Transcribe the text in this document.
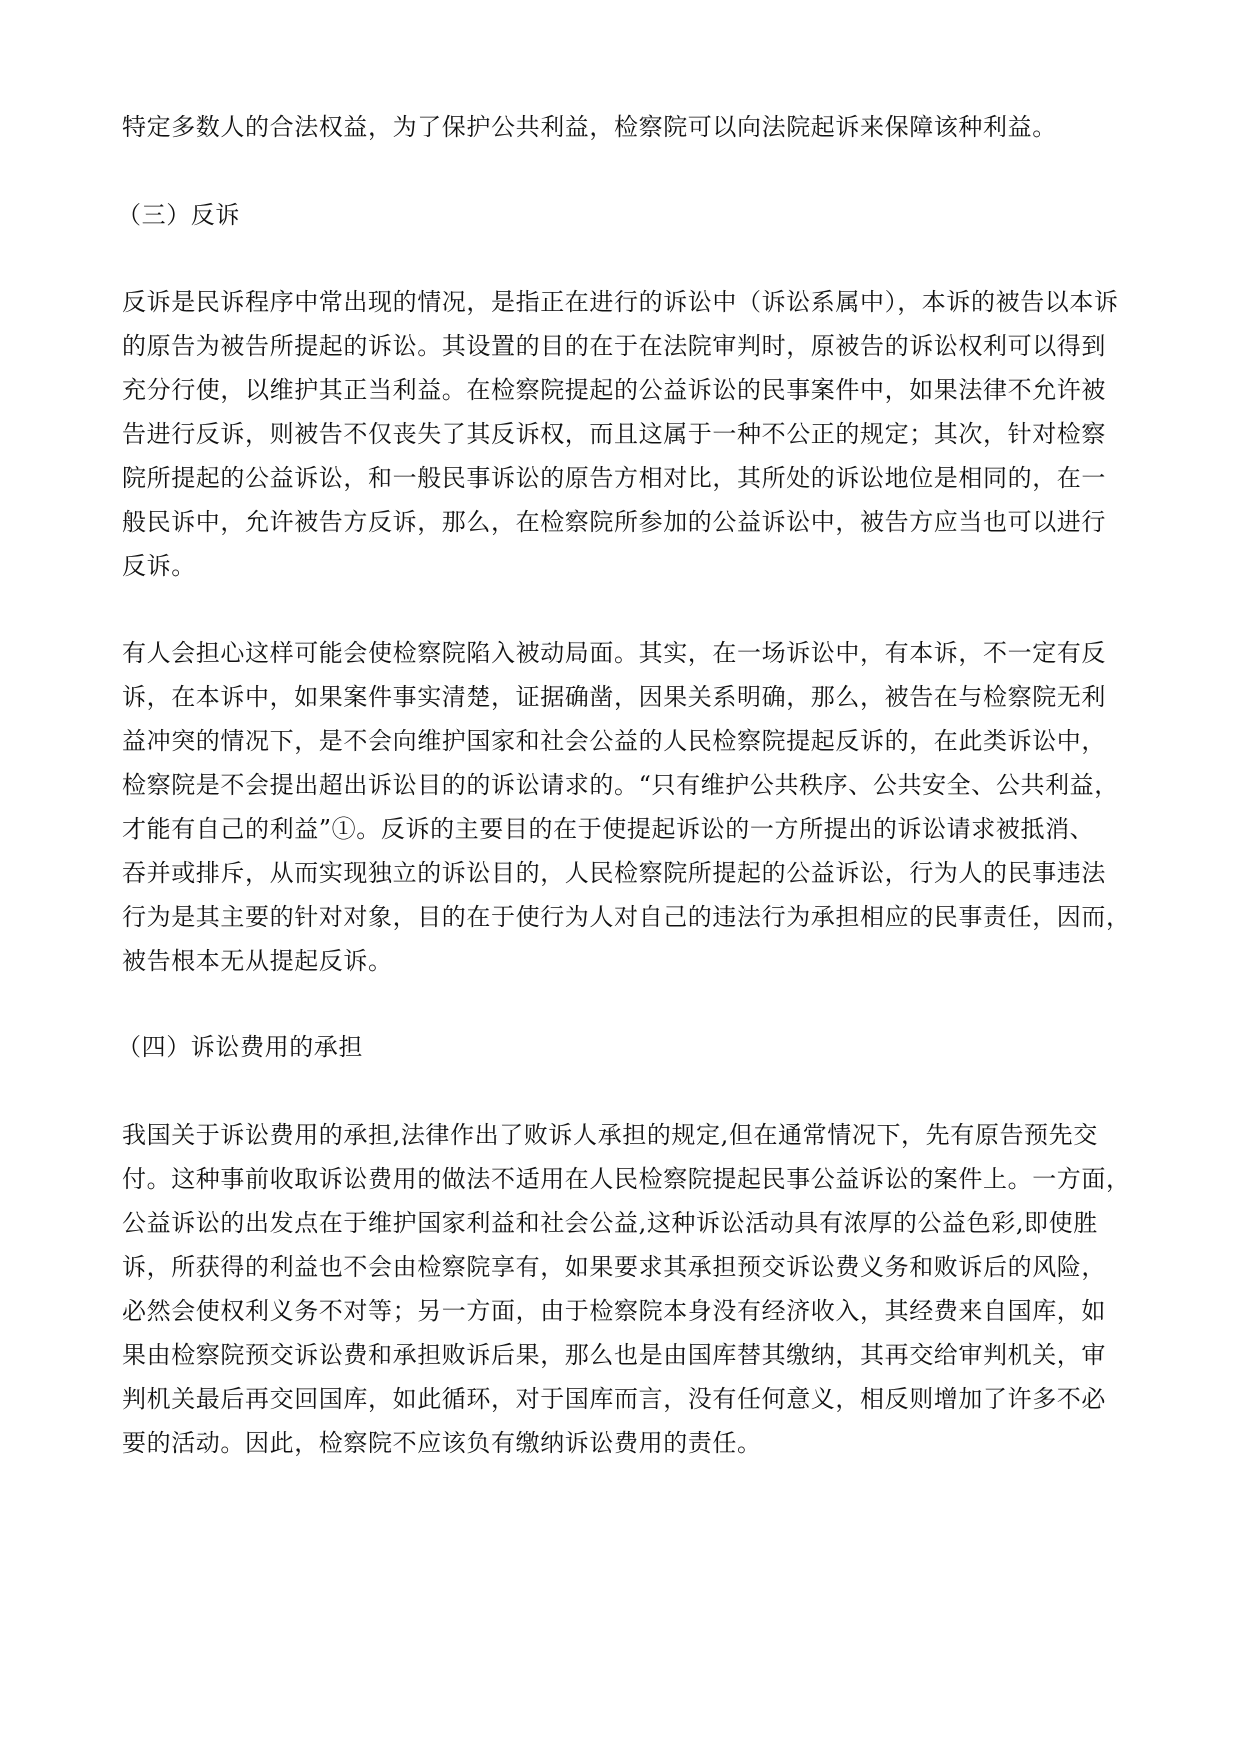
特定多数人的合法权益，为了保护公共利益，检察院可以向法院起诉来保障该种利益。

（三）反诉

反诉是民诉程序中常出现的情况，是指正在进行的诉讼中（诉讼系属中），本诉的被告以本诉

的原告为被告所提起的诉讼。其设置的目的在于在法院审判时，原被告的诉讼权利可以得到

充分行使，以维护其正当利益。在检察院提起的公益诉讼的民事案件中，如果法律不允许被

告进行反诉，则被告不仅丧失了其反诉权，而且这属于一种不公正的规定；其次，针对检察

院所提起的公益诉讼，和一般民事诉讼的原告方相对比，其所处的诉讼地位是相同的，在一

般民诉中，允许被告方反诉，那么，在检察院所参加的公益诉讼中，被告方应当也可以进行

反诉。

有人会担心这样可能会使检察院陷入被动局面。其实，在一场诉讼中，有本诉，不一定有反

诉，在本诉中，如果案件事实清楚，证据确凿，因果关系明确，那么，被告在与检察院无利

益冲突的情况下，是不会向维护国家和社会公益的人民检察院提起反诉的，在此类诉讼中，

检察院是不会提出超出诉讼目的的诉讼请求的。“只有维护公共秩序、公共安全、公共利益，

才能有自己的利益”①。反诉的主要目的在于使提起诉讼的一方所提出的诉讼请求被抵消、

吞并或排斥，从而实现独立的诉讼目的，人民检察院所提起的公益诉讼，行为人的民事违法

行为是其主要的针对对象，目的在于使行为人对自己的违法行为承担相应的民事责任，因而，

被告根本无从提起反诉。

（四）诉讼费用的承担

我国关于诉讼费用的承担,法律作出了败诉人承担的规定,但在通常情况下，先有原告预先交

付。这种事前收取诉讼费用的做法不适用在人民检察院提起民事公益诉讼的案件上。一方面，

公益诉讼的出发点在于维护国家利益和社会公益,这种诉讼活动具有浓厚的公益色彩,即使胜

诉，所获得的利益也不会由检察院享有，如果要求其承担预交诉讼费义务和败诉后的风险，

必然会使权利义务不对等；另一方面，由于检察院本身没有经济收入，其经费来自国库，如

果由检察院预交诉讼费和承担败诉后果，那么也是由国库替其缴纳，其再交给审判机关，审

判机关最后再交回国库，如此循环，对于国库而言，没有任何意义，相反则增加了许多不必

要的活动。因此，检察院不应该负有缴纳诉讼费用的责任。
